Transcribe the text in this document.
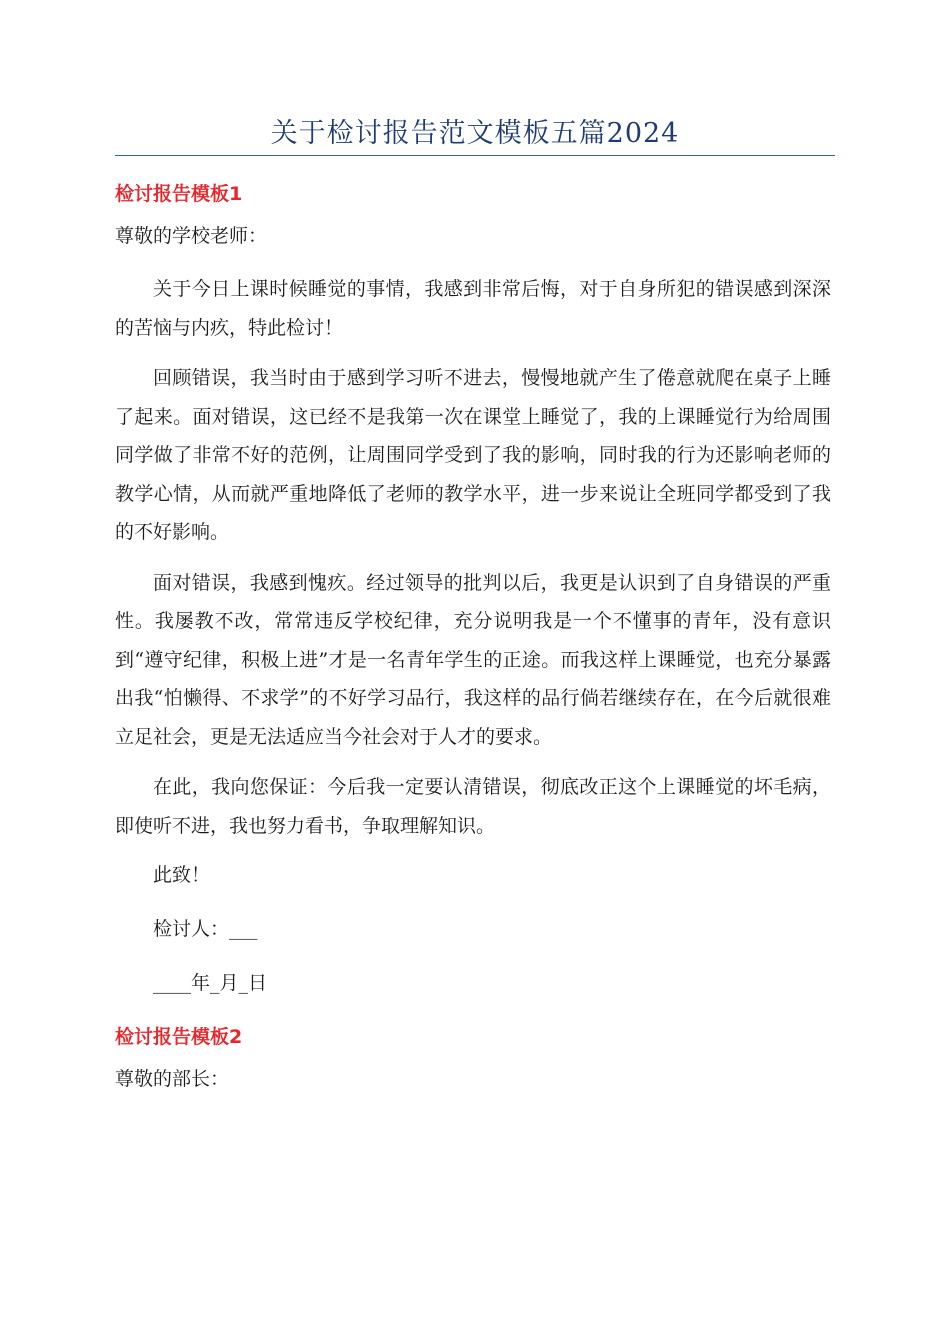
关于检讨报告范文模板五篇2024
检讨报告模板1
尊敬的学校老师：

关于今日上课时候睡觉的事情，我感到非常后悔，对于自身所犯的错误感到深深的苦恼与内疚，特此检讨！

回顾错误，我当时由于感到学习听不进去，慢慢地就产生了倦意就爬在桌子上睡了起来。面对错误，这已经不是我第一次在课堂上睡觉了，我的上课睡觉行为给周围同学做了非常不好的范例，让周围同学受到了我的影响，同时我的行为还影响老师的教学心情，从而就严重地降低了老师的教学水平，进一步来说让全班同学都受到了我的不好影响。

面对错误，我感到愧疚。经过领导的批判以后，我更是认识到了自身错误的严重性。我屡教不改，常常违反学校纪律，充分说明我是一个不懂事的青年，没有意识到“遵守纪律，积极上进”才是一名青年学生的正途。而我这样上课睡觉，也充分暴露出我“怕懒得、不求学”的不好学习品行，我这样的品行倘若继续存在，在今后就很难立足社会，更是无法适应当今社会对于人才的要求。

在此，我向您保证：今后我一定要认清错误，彻底改正这个上课睡觉的坏毛病，即使听不进，我也努力看书，争取理解知识。

此致！
检讨人：___
____年_月_日
检讨报告模板2
尊敬的部长：
